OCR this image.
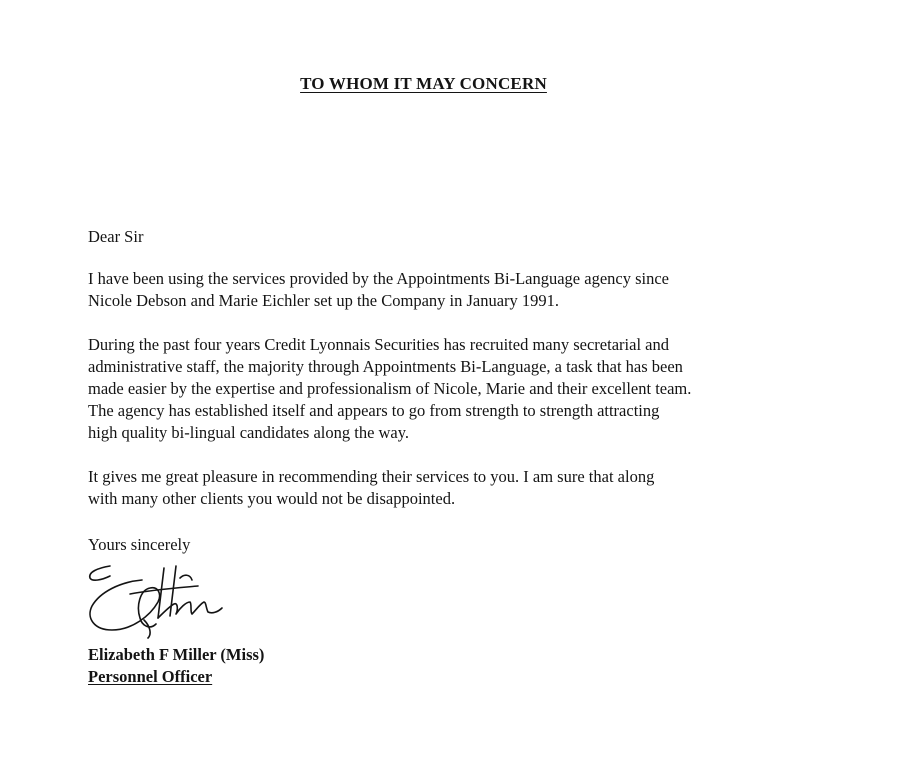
TO WHOM IT MAY CONCERN
Dear Sir
I have been using the services provided by the Appointments Bi-Language agency since
Nicole Debson and Marie Eichler set up the Company in January 1991.
During the past four years Credit Lyonnais Securities has recruited many secretarial and
administrative staff, the majority through Appointments Bi-Language, a task that has been
made easier by the expertise and professionalism of Nicole, Marie and their excellent team.
The agency has established itself and appears to go from strength to strength attracting
high quality bi-lingual candidates along the way.
It gives me great pleasure in recommending their services to you. I am sure that along
with many other clients you would not be disappointed.
Yours sincerely
Elizabeth F Miller (Miss)
Personnel Officer
